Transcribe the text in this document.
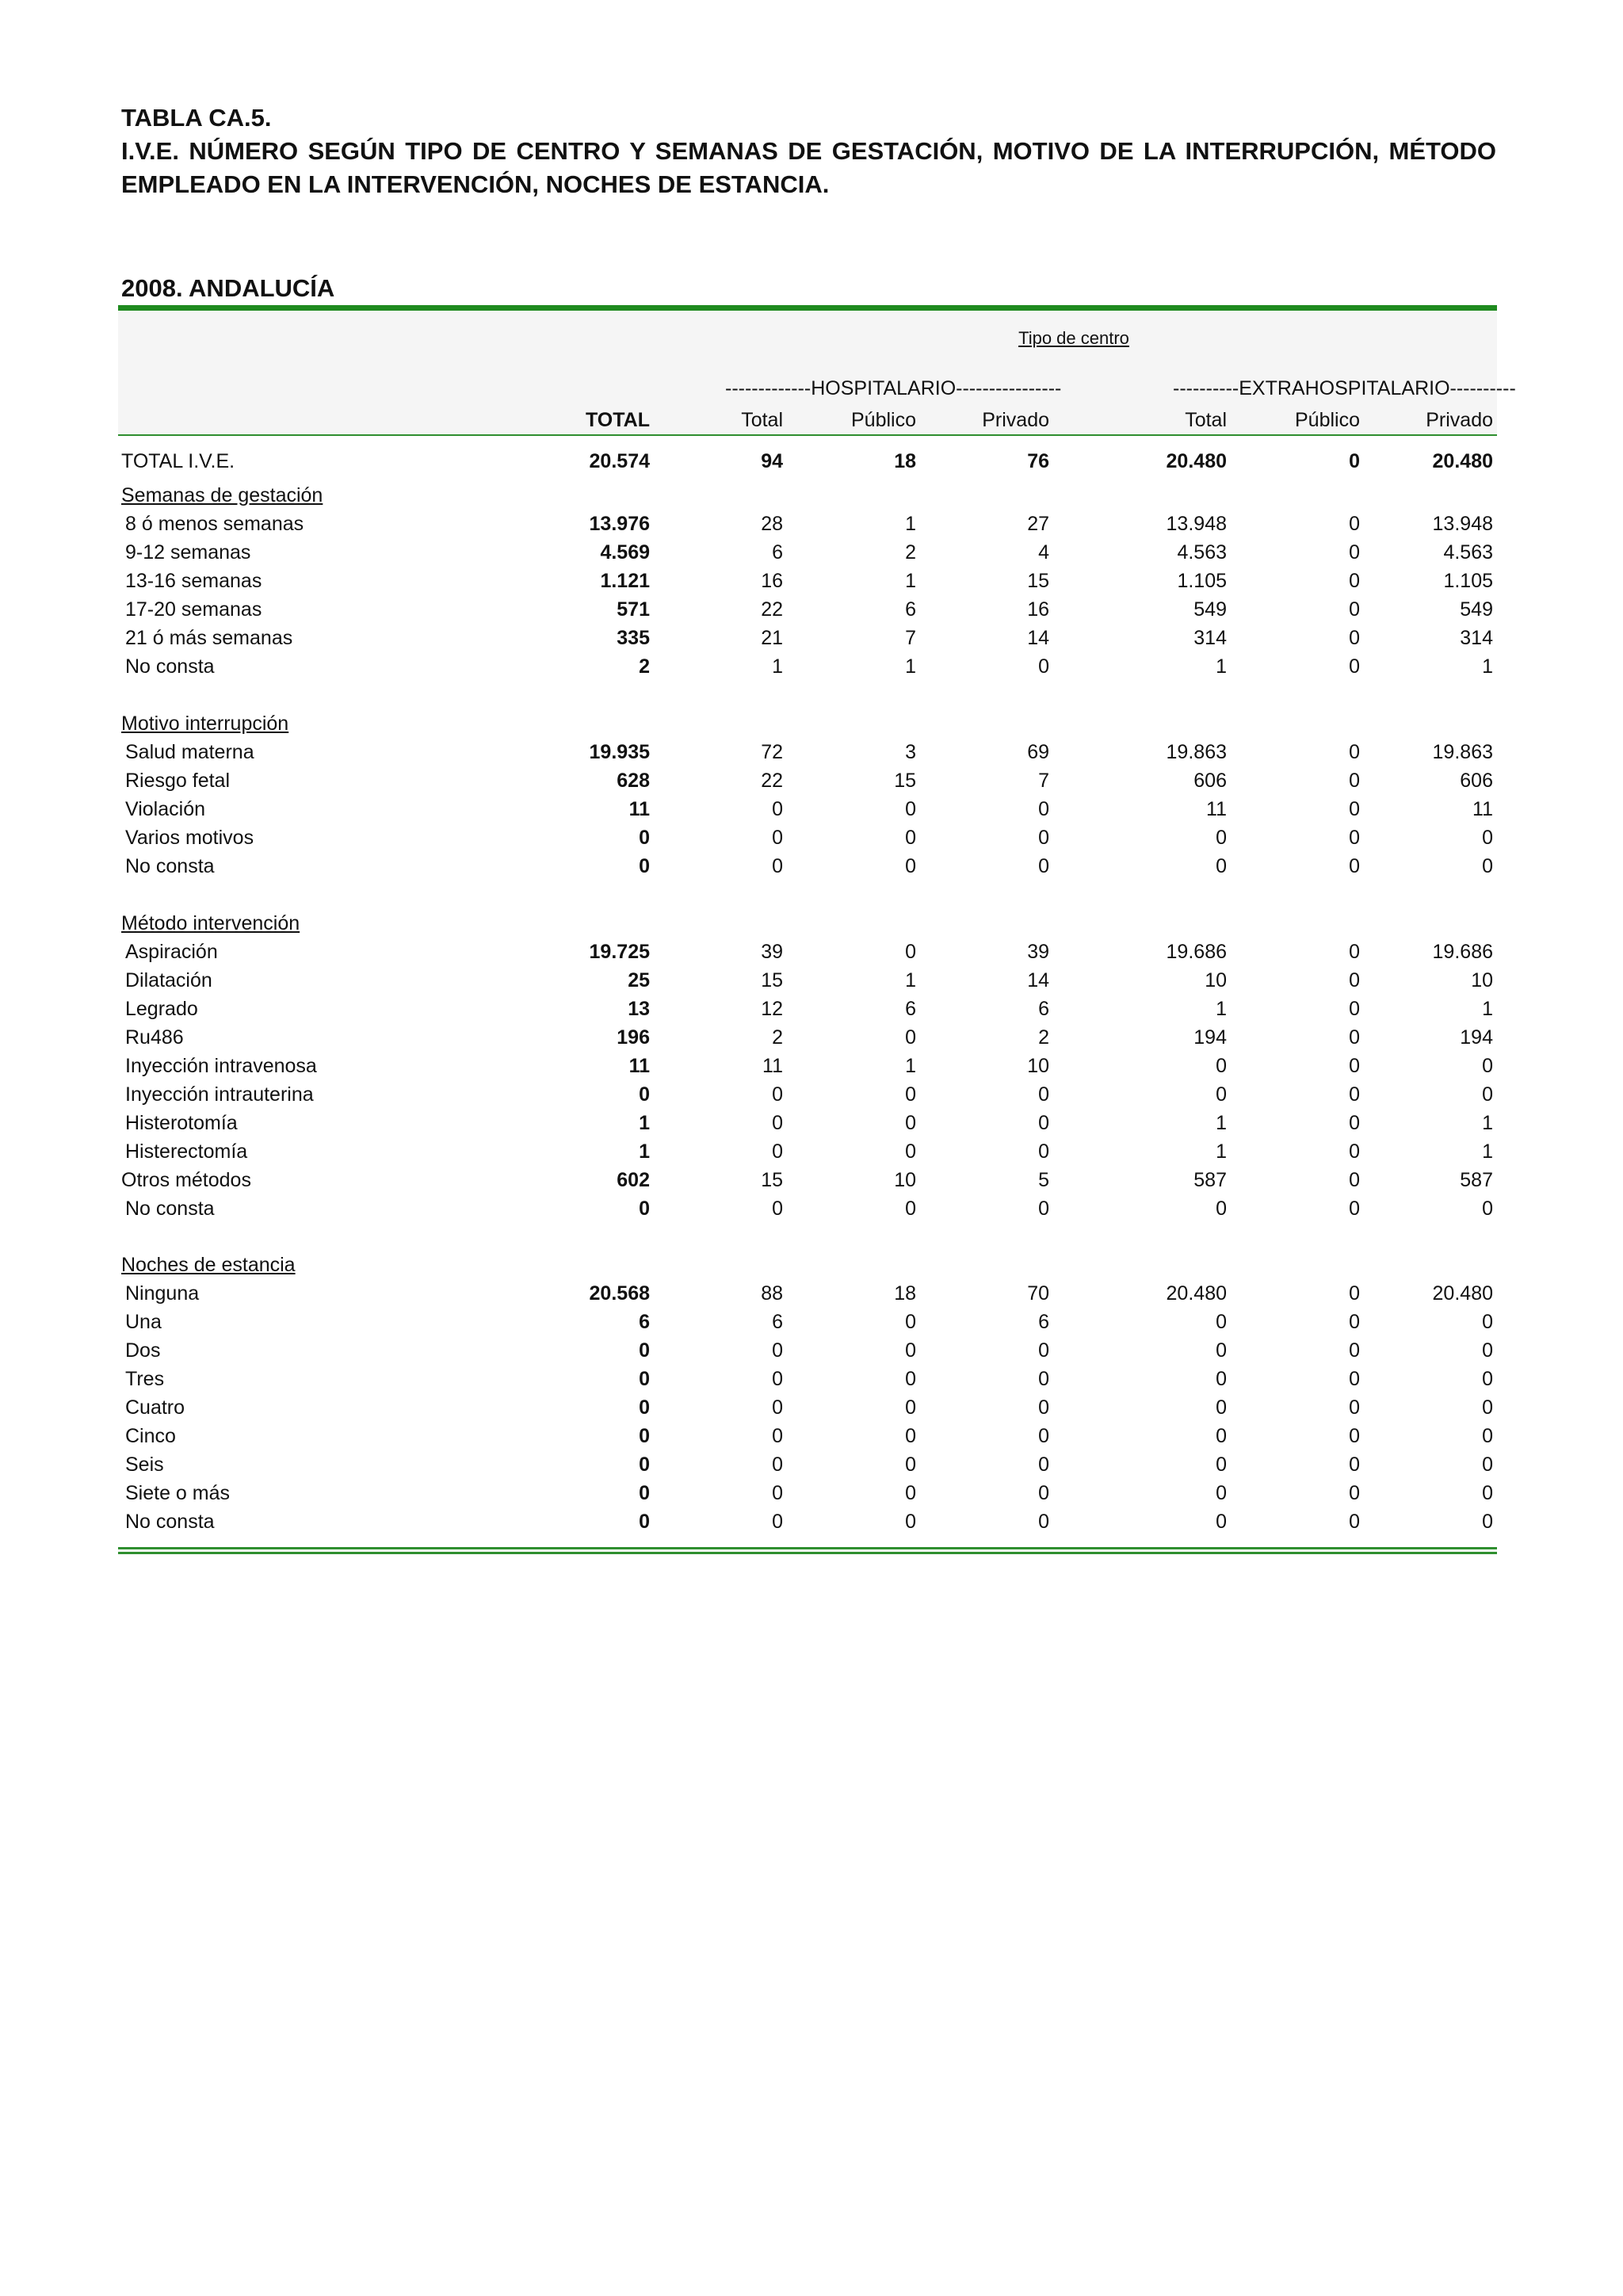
TABLA CA.5.
I.V.E. NÚMERO SEGÚN TIPO DE CENTRO Y SEMANAS DE GESTACIÓN, MOTIVO DE LA INTERRUPCIÓN, MÉTODO EMPLEADO EN LA INTERVENCIÓN, NOCHES DE ESTANCIA.
2008. ANDALUCÍA
Tipo de centro
-------------HOSPITALARIO----------------	----------EXTRAHOSPITALARIO----------
TOTAL	Total	Público	Privado	Total	Público	Privado
TOTAL I.V.E.	20.574	94	18	76	20.480	0	20.480
Semanas de gestación
8 ó menos semanas	13.976	28	1	27	13.948	0	13.948
9-12 semanas	4.569	6	2	4	4.563	0	4.563
13-16 semanas	1.121	16	1	15	1.105	0	1.105
17-20 semanas	571	22	6	16	549	0	549
21 ó más semanas	335	21	7	14	314	0	314
No consta	2	1	1	0	1	0	1
Motivo interrupción
Salud materna	19.935	72	3	69	19.863	0	19.863
Riesgo fetal	628	22	15	7	606	0	606
Violación	11	0	0	0	11	0	11
Varios motivos	0	0	0	0	0	0	0
No consta	0	0	0	0	0	0	0
Método intervención
Aspiración	19.725	39	0	39	19.686	0	19.686
Dilatación	25	15	1	14	10	0	10
Legrado	13	12	6	6	1	0	1
Ru486	196	2	0	2	194	0	194
Inyección intravenosa	11	11	1	10	0	0	0
Inyección intrauterina	0	0	0	0	0	0	0
Histerotomía	1	0	0	0	1	0	1
Histerectomía	1	0	0	0	1	0	1
Otros métodos	602	15	10	5	587	0	587
No consta	0	0	0	0	0	0	0
Noches de estancia
Ninguna	20.568	88	18	70	20.480	0	20.480
Una	6	6	0	6	0	0	0
Dos	0	0	0	0	0	0	0
Tres	0	0	0	0	0	0	0
Cuatro	0	0	0	0	0	0	0
Cinco	0	0	0	0	0	0	0
Seis	0	0	0	0	0	0	0
Siete o más	0	0	0	0	0	0	0
No consta	0	0	0	0	0	0	0
